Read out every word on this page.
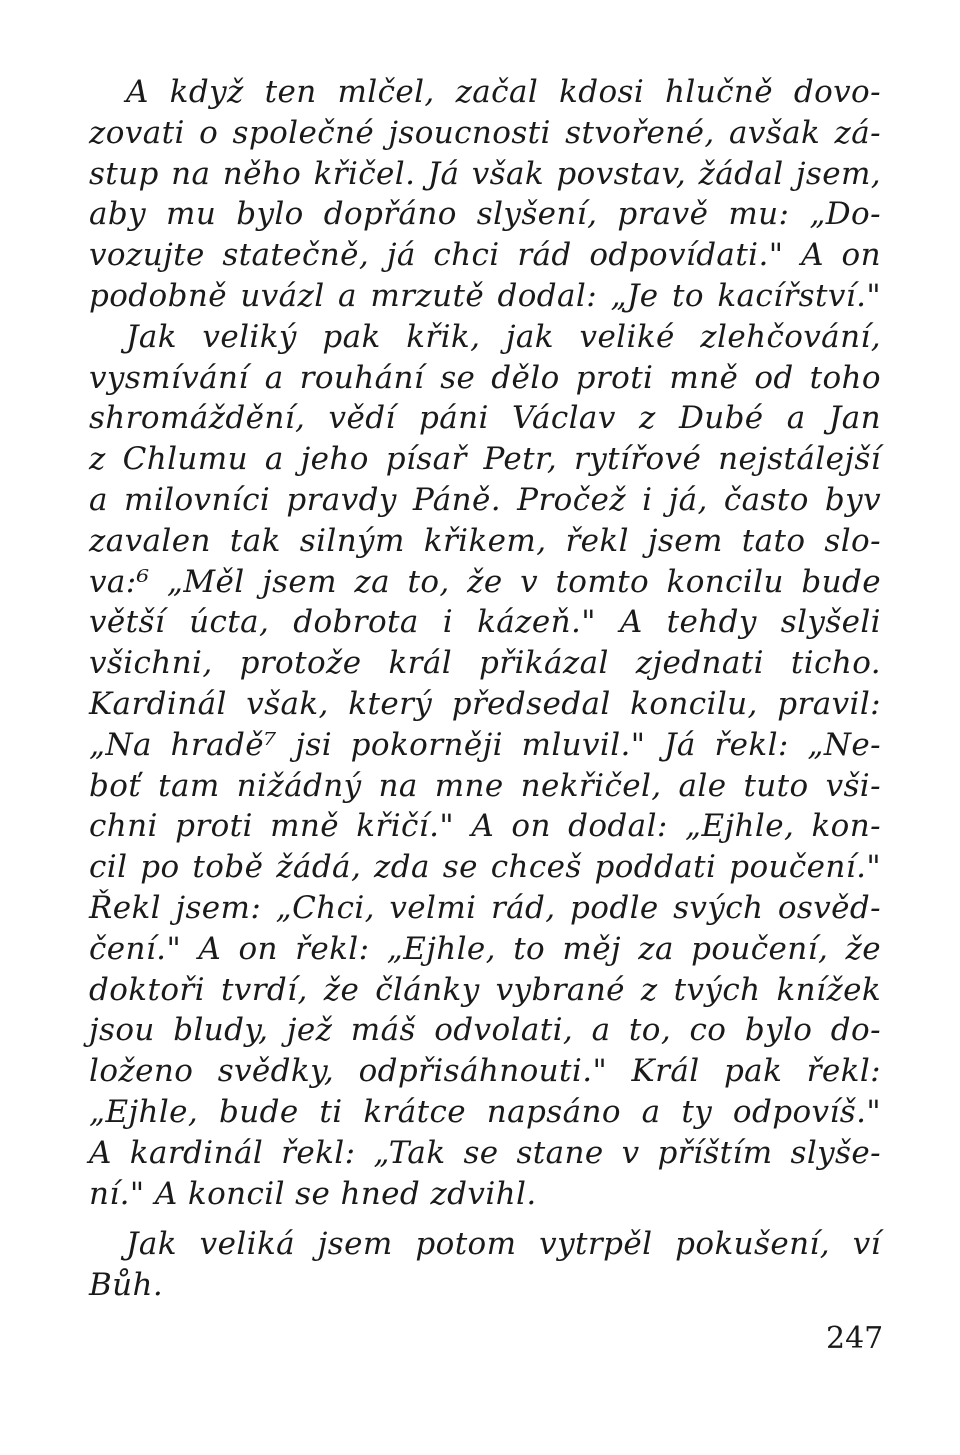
A když ten mlčel, začal kdosi hlučně dovo-
zovati o společné jsoucnosti stvořené, avšak zá-
stup na něho křičel. Já však povstav, žádal jsem,
aby mu bylo dopřáno slyšení, pravě mu: „Do-
vozujte statečně, já chci rád odpovídati." A on
podobně uvázl a mrzutě dodal: „Je to kacířství."
Jak veliký pak křik, jak veliké zlehčování,
vysmívání a rouhání se dělo proti mně od toho
shromáždění, vědí páni Václav z Dubé a Jan
z Chlumu a jeho písař Petr, rytířové nejstálejší
a milovníci pravdy Páně. Pročež i já, často byv
zavalen tak silným křikem, řekl jsem tato slo-
va:⁶ „Měl jsem za to, že v tomto koncilu bude
větší úcta, dobrota i kázeň." A tehdy slyšeli
všichni, protože král přikázal zjednati ticho.
Kardinál však, který předsedal koncilu, pravil:
„Na hradě⁷ jsi pokorněji mluvil." Já řekl: „Ne-
boť tam nižádný na mne nekřičel, ale tuto vši-
chni proti mně křičí." A on dodal: „Ejhle, kon-
cil po tobě žádá, zda se chceš poddati poučení."
Řekl jsem: „Chci, velmi rád, podle svých osvěd-
čení." A on řekl: „Ejhle, to měj za poučení, že
doktoři tvrdí, že články vybrané z tvých knížek
jsou bludy, jež máš odvolati, a to, co bylo do-
loženo svědky, odpřisáhnouti." Král pak řekl:
„Ejhle, bude ti krátce napsáno a ty odpovíš."
A kardinál řekl: „Tak se stane v příštím slyše-
ní." A koncil se hned zdvihl.
Jak veliká jsem potom vytrpěl pokušení, ví
Bůh.
247
